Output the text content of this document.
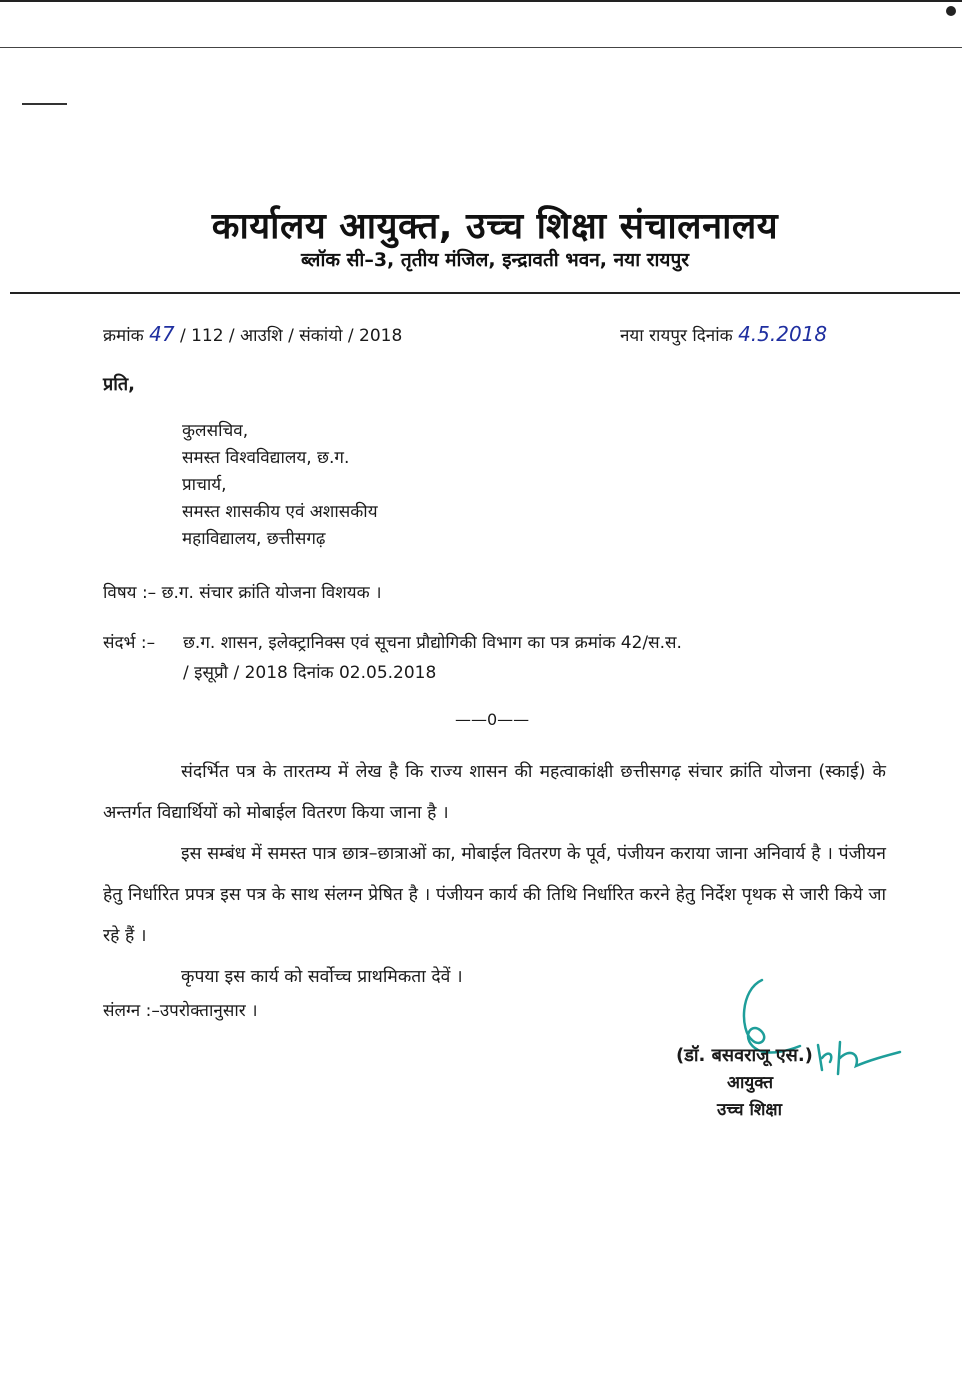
कार्यालय आयुक्त, उच्च शिक्षा संचालनालय
ब्लॉक सी–3, तृतीय मंजिल, इन्द्रावती भवन, नया रायपुर
क्रमांक 47 / 112 / आउशि / संकांयो / 2018	नया रायपुर दिनांक 4.5.2018
प्रति,
कुलसचिव,
समस्त विश्वविद्यालय, छ.ग.
प्राचार्य,
समस्त शासकीय एवं अशासकीय
महाविद्यालय, छत्तीसगढ़
विषय :– छ.ग. संचार क्रांति योजना विशयक ।
संदर्भ :– छ.ग. शासन, इलेक्ट्रानिक्स एवं सूचना प्रौद्योगिकी विभाग का पत्र क्रमांक 42/स.स.
/ इसूप्रौ / 2018 दिनांक 02.05.2018
——0——

संदर्भित पत्र के तारतम्य में लेख है कि राज्य शासन की महत्वाकांक्षी छत्तीसगढ़ संचार क्रांति योजना (स्काई) के अन्तर्गत विद्यार्थियों को मोबाईल वितरण किया जाना है ।

इस सम्बंध में समस्त पात्र छात्र–छात्राओं का, मोबाईल वितरण के पूर्व, पंजीयन कराया जाना अनिवार्य है । पंजीयन हेतु निर्धारित प्रपत्र इस पत्र के साथ संलग्न प्रेषित है । पंजीयन कार्य की तिथि निर्धारित करने हेतु निर्देश पृथक से जारी किये जा रहे हैं ।

कृपया इस कार्य को सर्वोच्च प्राथमिकता देवें ।

संलग्न :–उपरोक्तानुसार ।
(डॉ. बसवराजू एस.)
आयुक्त
उच्च शिक्षा
